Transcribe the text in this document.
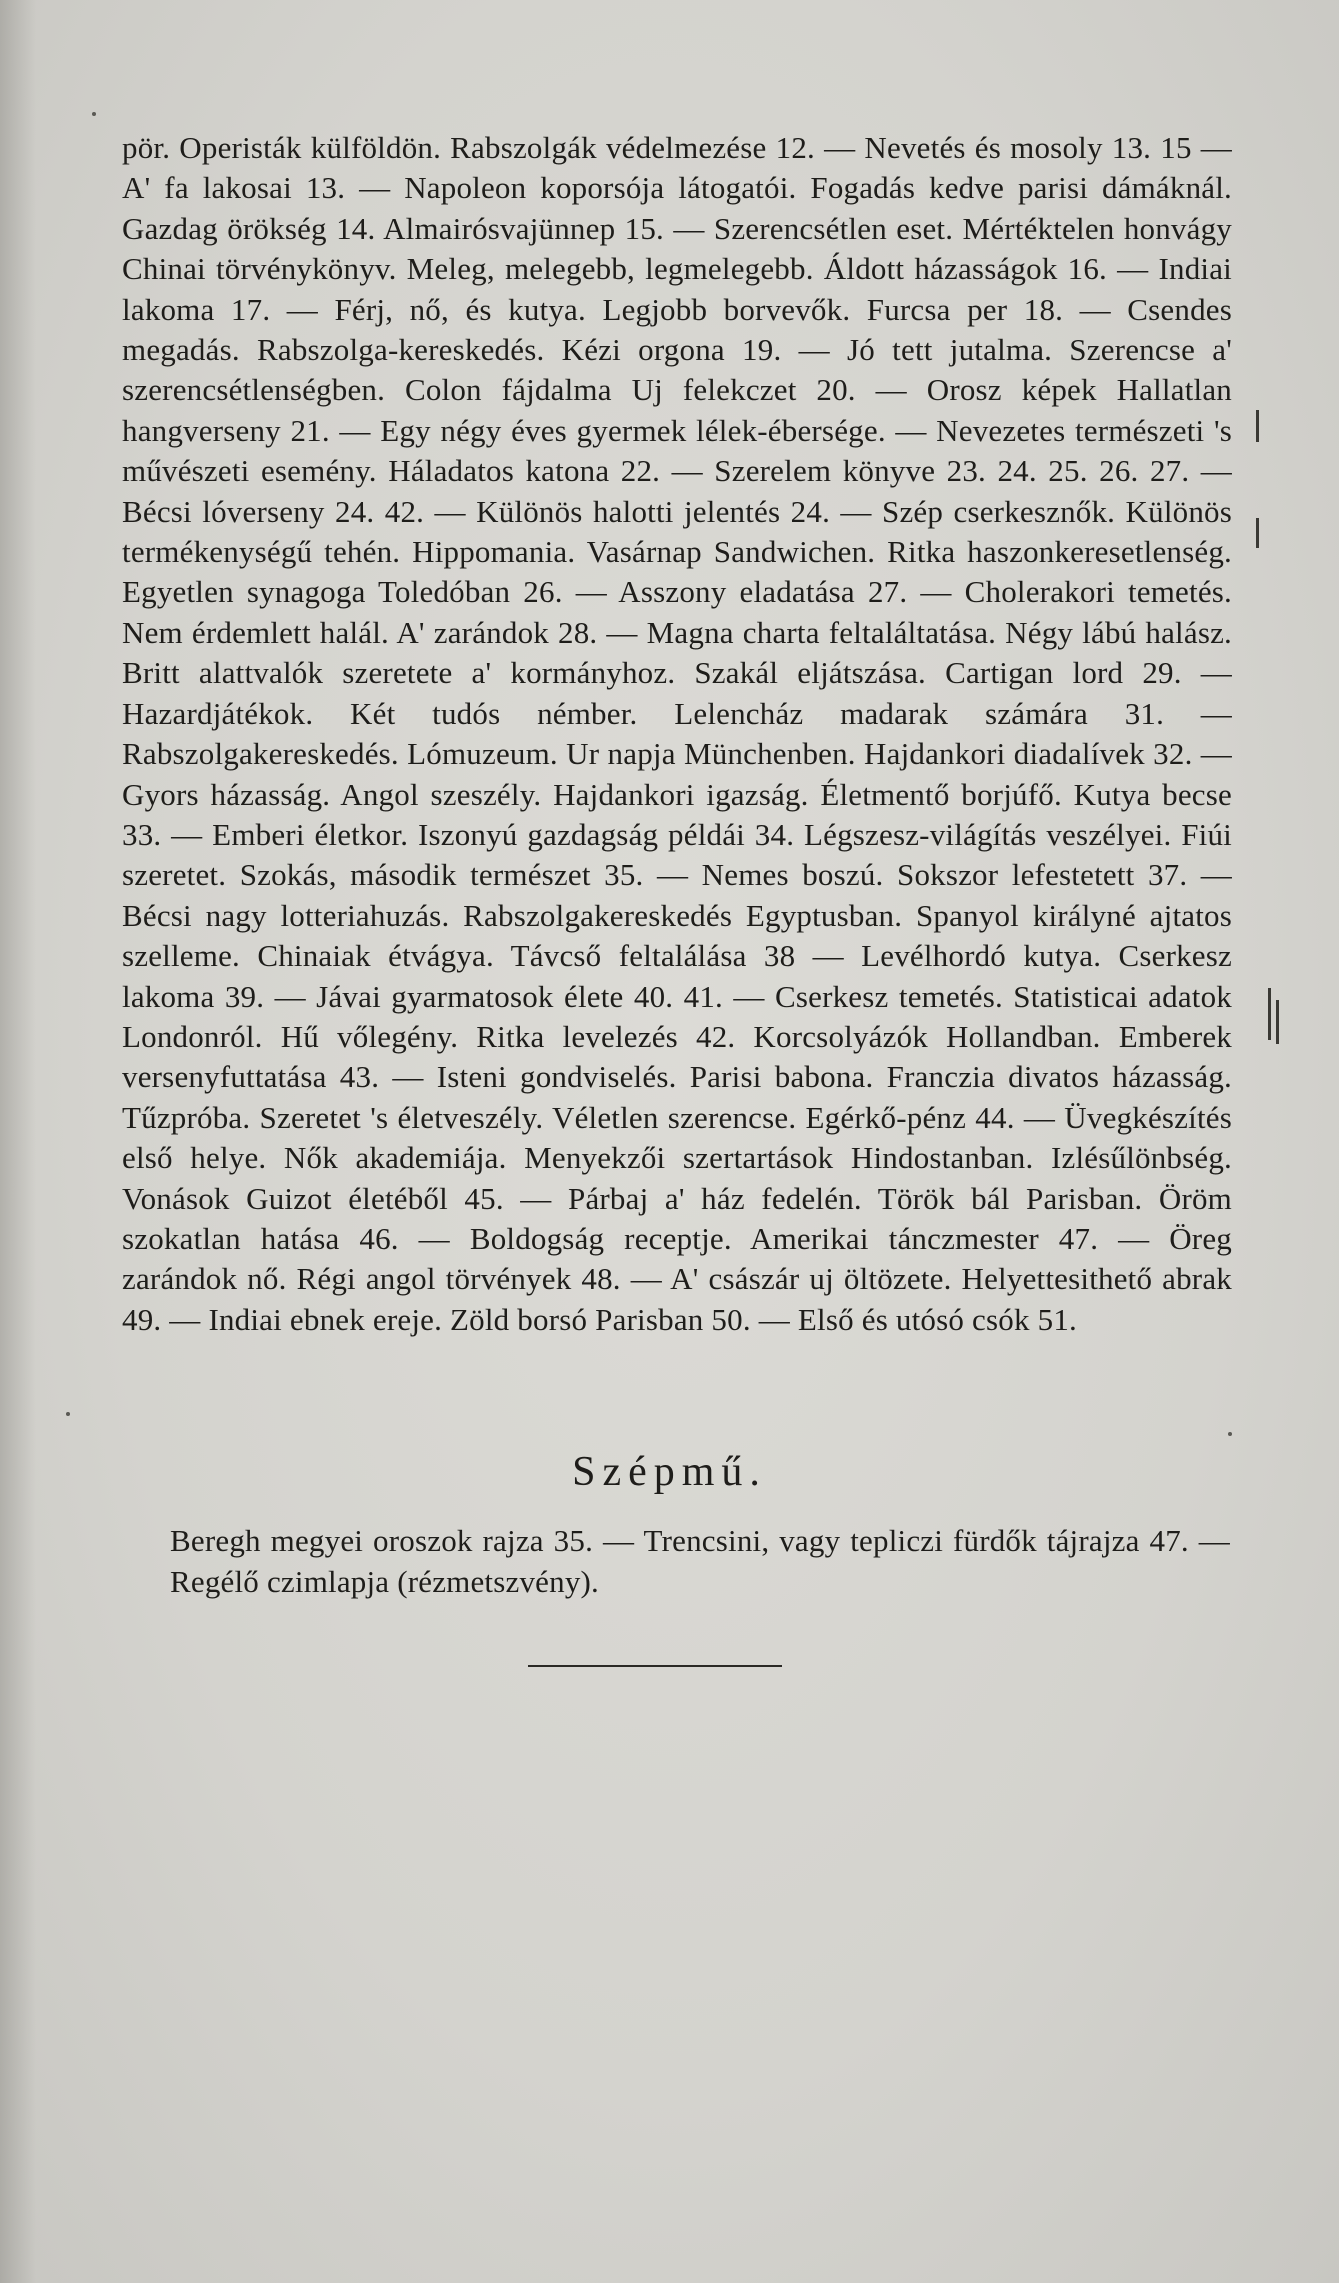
pör. Operisták külföldön. Rabszolgák védelmezése 12. — Nevetés és mosoly 13. 15 — A' fa lakosai 13. — Napoleon koporsója látogatói. Fogadás kedve parisi dámáknál. Gazdag örökség 14. Almairósvajünnep 15. — Szerencsétlen eset. Mértéktelen honvágy Chinai törvénykönyv. Meleg, melegebb, legmelegebb. Áldott házasságok 16. — Indiai lakoma 17. — Férj, nő, és kutya. Legjobb borvevők. Furcsa per 18. — Csendes megadás. Rabszolga-kereskedés. Kézi orgona 19. — Jó tett jutalma. Szerencse a' szerencsétlenségben. Colon fájdalma Uj felekczet 20. — Orosz képek Hallatlan hangverseny 21. — Egy négy éves gyermek lélek-ébersége. — Nevezetes természeti 's művészeti esemény. Háladatos katona 22. — Szerelem könyve 23. 24. 25. 26. 27. — Bécsi lóverseny 24. 42. — Különös halotti jelentés 24. — Szép cserkesznők. Különös termékenységű tehén. Hippomania. Vasárnap Sandwichen. Ritka haszonkeresetlenség. Egyetlen synagoga Toledóban 26. — Asszony eladatása 27. — Cholerakori temetés. Nem érdemlett halál. A' zarándok 28. — Magna charta feltaláltatása. Négy lábú halász. Britt alattvalók szeretete a' kormányhoz. Szakál eljátszása. Cartigan lord 29. — Hazardjátékok. Két tudós némber. Lelencház madarak számára 31. — Rabszolgakereskedés. Lómuzeum. Ur napja Münchenben. Hajdankori diadalívek 32. — Gyors házasság. Angol szeszély. Hajdankori igazság. Életmentő borjúfő. Kutya becse 33. — Emberi életkor. Iszonyú gazdagság példái 34. Légszesz-világítás veszélyei. Fiúi szeretet. Szokás, második természet 35. — Nemes boszú. Sokszor lefestetett 37. — Bécsi nagy lotteriahuzás. Rabszolgakereskedés Egyptusban. Spanyol királyné ajtatos szelleme. Chinaiak étvágya. Távcső feltalálása 38 — Levélhordó kutya. Cserkesz lakoma 39. — Jávai gyarmatosok élete 40. 41. — Cserkesz temetés. Statisticai adatok Londonról. Hű vőlegény. Ritka levelezés 42. Korcsolyázók Hollandban. Emberek versenyfuttatása 43. — Isteni gondviselés. Parisi babona. Franczia divatos házasság. Tűzpróba. Szeretet 's életveszély. Véletlen szerencse. Egérkő-pénz 44. — Üvegkészítés első helye. Nők akademiája. Menyekzői szertartások Hindostanban. Izlésűlönbség. Vonások Guizot életéből 45. — Párbaj a' ház fedelén. Török bál Parisban. Öröm szokatlan hatása 46. — Boldogság receptje. Amerikai tánczmester 47. — Öreg zarándok nő. Régi angol törvények 48. — A' császár uj öltözete. Helyettesithető abrak 49. — Indiai ebnek ereje. Zöld borsó Parisban 50. — Első és utósó csók 51.
Szépmű.
Beregh megyei oroszok rajza 35. — Trencsini, vagy tepliczi fürdők tájrajza 47. — Regélő czimlapja (rézmetszvény).
